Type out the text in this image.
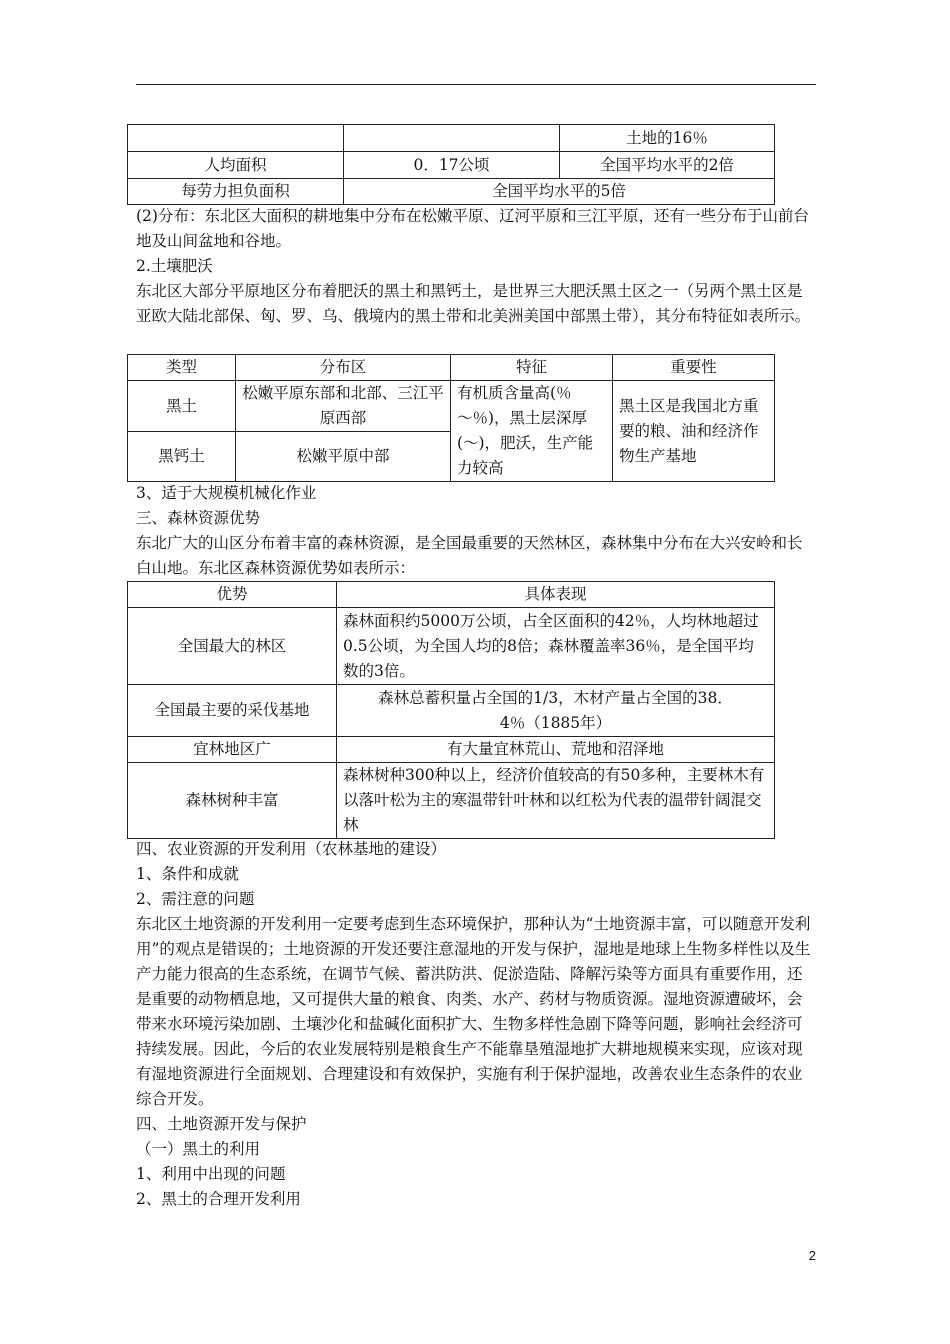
		土地的16％
人均面积	0．17公顷	全国平均水平的2倍
每劳力担负面积	全国平均水平的5倍	

(2)分布：东北区大面积的耕地集中分布在松嫩平原、辽河平原和三江平原，还有一些分布于山前台地及山间盆地和谷地。

2.土壤肥沃

东北区大部分平原地区分布着肥沃的黑土和黑钙土，是世界三大肥沃黑土区之一（另两个黑土区是亚欧大陆北部保、匈、罗、乌、俄境内的黑土带和北美洲美国中部黑土带），其分布特征如表所示。

类型	分布区	特征	重要性
黑土	松嫩平原东部和北部、三江平原西部	有机质含量高(％～％)，黑土层深厚(～)，肥沃，生产能力较高	黑土区是我国北方重要的粮、油和经济作物生产基地
黑钙土	松嫩平原中部		

3、适于大规模机械化作业

三、森林资源优势

东北广大的山区分布着丰富的森林资源，是全国最重要的天然林区，森林集中分布在大兴安岭和长白山地。东北区森林资源优势如表所示：

优势	具体表现
全国最大的林区	森林面积约5000万公顷，占全区面积的42％，人均林地超过0.5公顷，为全国人均的8倍；森林覆盖率36％，是全国平均数的3倍。
全国最主要的采伐基地	森林总蓄积量占全国的1/3，木材产量占全国的38．4％（1885年）
宜林地区广	有大量宜林荒山、荒地和沼泽地
森林树种丰富	森林树种300种以上，经济价值较高的有50多种，主要林木有以落叶松为主的寒温带针叶林和以红松为代表的温带针阔混交林

四、农业资源的开发利用（农林基地的建设）

1、条件和成就

2、需注意的问题

东北区土地资源的开发利用一定要考虑到生态环境保护，那种认为“土地资源丰富，可以随意开发利用”的观点是错误的；土地资源的开发还要注意湿地的开发与保护，湿地是地球上生物多样性以及生产力能力很高的生态系统，在调节气候、蓄洪防洪、促淤造陆、降解污染等方面具有重要作用，还是重要的动物栖息地，又可提供大量的粮食、肉类、水产、药材与物质资源。湿地资源遭破坏，会带来水环境污染加剧、土壤沙化和盐碱化面积扩大、生物多样性急剧下降等问题，影响社会经济可持续发展。因此，今后的农业发展特别是粮食生产不能靠垦殖湿地扩大耕地规模来实现，应该对现有湿地资源进行全面规划、合理建设和有效保护，实施有利于保护湿地，改善农业生态条件的农业综合开发。

四、土地资源开发与保护

（一）黑土的利用

1、利用中出现的问题

2、黑土的合理开发利用

2
